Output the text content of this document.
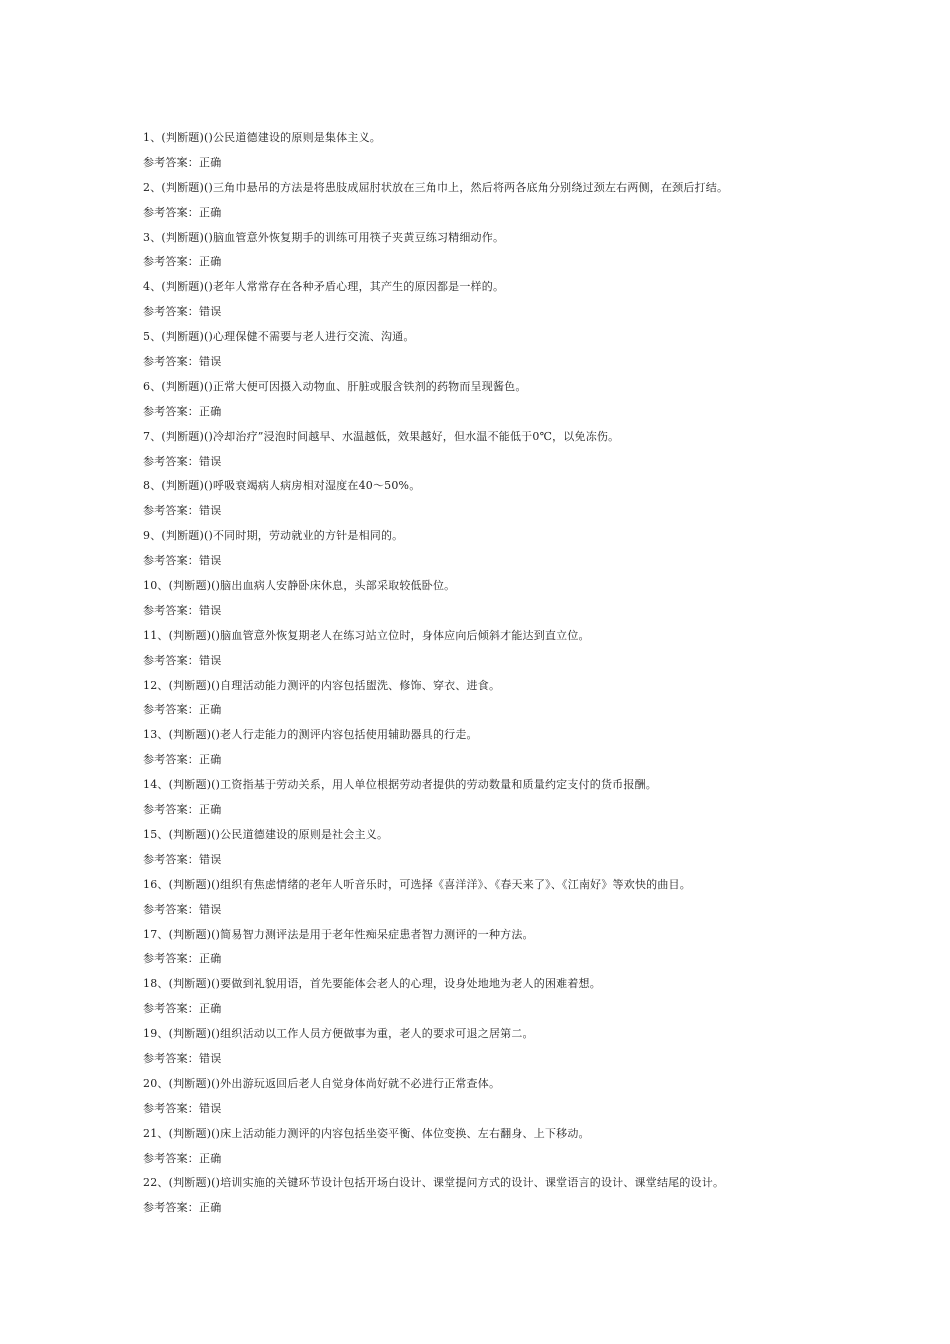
1、(判断题)()公民道德建设的原则是集体主义。
参考答案：正确
2、(判断题)()三角巾悬吊的方法是将患肢成屈肘状放在三角巾上，然后将两各底角分别绕过颈左右两侧，在颈后打结。
参考答案：正确
3、(判断题)()脑血管意外恢复期手的训练可用筷子夹黄豆练习精细动作。
参考答案：正确
4、(判断题)()老年人常常存在各种矛盾心理，其产生的原因都是一样的。
参考答案：错误
5、(判断题)()心理保健不需要与老人进行交流、沟通。
参考答案：错误
6、(判断题)()正常大便可因摄入动物血、肝脏或服含铁剂的药物而呈现酱色。
参考答案：正确
7、(判断题)()冷却治疗”浸泡时间越早、水温越低，效果越好，但水温不能低于0℃，以免冻伤。
参考答案：错误
8、(判断题)()呼吸衰竭病人病房相对湿度在40～50%。
参考答案：错误
9、(判断题)()不同时期，劳动就业的方针是相同的。
参考答案：错误
10、(判断题)()脑出血病人安静卧床休息，头部采取较低卧位。
参考答案：错误
11、(判断题)()脑血管意外恢复期老人在练习站立位时，身体应向后倾斜才能达到直立位。
参考答案：错误
12、(判断题)()自理活动能力测评的内容包括盥洗、修饰、穿衣、进食。
参考答案：正确
13、(判断题)()老人行走能力的测评内容包括使用辅助器具的行走。
参考答案：正确
14、(判断题)()工资指基于劳动关系，用人单位根据劳动者提供的劳动数量和质量约定支付的货币报酬。
参考答案：正确
15、(判断题)()公民道德建设的原则是社会主义。
参考答案：错误
16、(判断题)()组织有焦虑情绪的老年人听音乐时，可选择《喜洋洋》、《春天来了》、《江南好》等欢快的曲目。
参考答案：错误
17、(判断题)()简易智力测评法是用于老年性痴呆症患者智力测评的一种方法。
参考答案：正确
18、(判断题)()要做到礼貌用语，首先要能体会老人的心理，设身处地地为老人的困难着想。
参考答案：正确
19、(判断题)()组织活动以工作人员方便做事为重，老人的要求可退之居第二。
参考答案：错误
20、(判断题)()外出游玩返回后老人自觉身体尚好就不必进行正常查体。
参考答案：错误
21、(判断题)()床上活动能力测评的内容包括坐姿平衡、体位变换、左右翻身、上下移动。
参考答案：正确
22、(判断题)()培训实施的关键环节设计包括开场白设计、课堂提问方式的设计、课堂语言的设计、课堂结尾的设计。
参考答案：正确
